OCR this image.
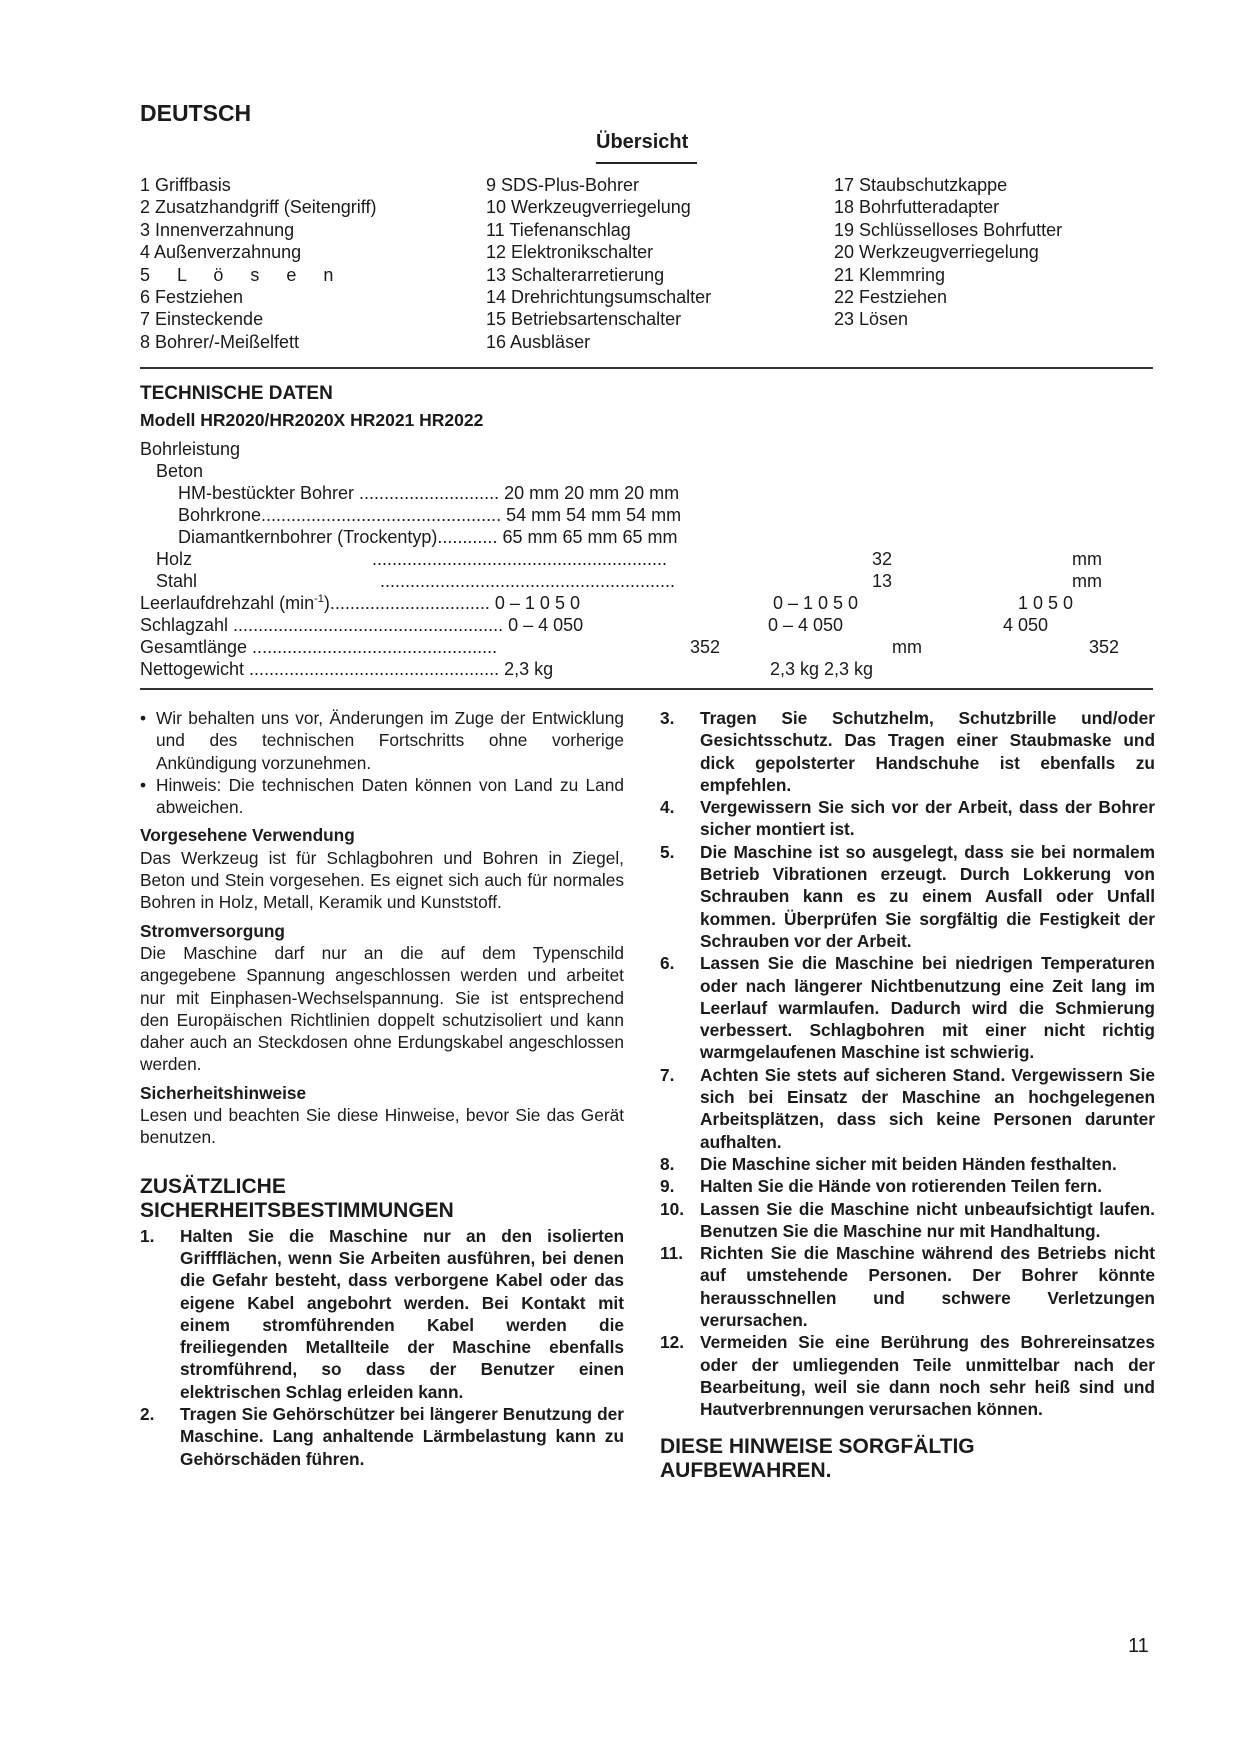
DEUTSCH
Übersicht
1 Griffbasis
2 Zusatzhandgriff (Seitengriff)
3 Innenverzahnung
4 Außenverzahnung
5 L ö s e n
6 Festziehen
7 Einsteckende
8 Bohrer/-Meißelfett
9 SDS-Plus-Bohrer
10 Werkzeugverriegelung
11 Tiefenanschlag
12 Elektronikschalter
13 Schalterarretierung
14 Drehrichtungsumschalter
15 Betriebsartenschalter
16 Ausbläser
17 Staubschutzkappe
18 Bohrfutteradapter
19 Schlüsselloses Bohrfutter
20 Werkzeugverriegelung
21 Klemmring
22 Festziehen
23 Lösen
TECHNISCHE DATEN
Modell HR2020/HR2020X HR2021 HR2022
Bohrleistung
Beton
HM-bestückter Bohrer ............................ 20 mm 20 mm 20 mm
Bohrkrone................................................ 54 mm 54 mm 54 mm
Diamantkernbohrer (Trockentyp)............ 65 mm 65 mm 65 mm
Holz	...........................................................	32	mm
Stahl	...........................................................	13	mm
Leerlaufdrehzahl $(\min^{-1})$................................ 0 – 1 0 5 0	0 – 1 0 5 0	1 0 5 0
Schlagzahl ...................................................... 0 – 4 050	0 – 4 050	4 050
Gesamtlänge .................................................	352	mm	352
Nettogewicht .................................................. 2,3 kg	2,3 kg 2,3 kg

• Wir behalten uns vor, Änderungen im Zuge der Entwicklung und des technischen Fortschritts ohne vorherige Ankündigung vorzunehmen.

• Hinweis: Die technischen Daten können von Land zu Land abweichen.

Vorgesehene Verwendung

Das Werkzeug ist für Schlagbohren und Bohren in Ziegel, Beton und Stein vorgesehen. Es eignet sich auch für normales Bohren in Holz, Metall, Keramik und Kunststoff.

Stromversorgung

Die Maschine darf nur an die auf dem Typenschild angegebene Spannung angeschlossen werden und arbeitet nur mit Einphasen-Wechselspannung. Sie ist entsprechend den Europäischen Richtlinien doppelt schutzisoliert und kann daher auch an Steckdosen ohne Erdungskabel angeschlossen werden.

Sicherheitshinweise

Lesen und beachten Sie diese Hinweise, bevor Sie das Gerät benutzen.

ZUSÄTZLICHE

SICHERHEITSBESTIMMUNGEN

1. Halten Sie die Maschine nur an den isolierten Griffflächen, wenn Sie Arbeiten ausführen, bei denen die Gefahr besteht, dass verborgene Kabel oder das eigene Kabel angebohrt werden. Bei Kontakt mit einem stromführenden Kabel werden die freiliegenden Metallteile der Maschine ebenfalls stromführend, so dass der Benutzer einen elektrischen Schlag erleiden kann.

2. Tragen Sie Gehörschützer bei längerer Benutzung der Maschine. Lang anhaltende Lärmbelastung kann zu Gehörschäden führen.

3. Tragen Sie Schutzhelm, Schutzbrille und/oder Gesichtsschutz. Das Tragen einer Staubmaske und dick gepolsterter Handschuhe ist ebenfalls zu empfehlen.

4. Vergewissern Sie sich vor der Arbeit, dass der Bohrer sicher montiert ist.

5. Die Maschine ist so ausgelegt, dass sie bei normalem Betrieb Vibrationen erzeugt. Durch Lokkerung von Schrauben kann es zu einem Ausfall oder Unfall kommen. Überprüfen Sie sorgfältig die Festigkeit der Schrauben vor der Arbeit.

6. Lassen Sie die Maschine bei niedrigen Temperaturen oder nach längerer Nichtbenutzung eine Zeit lang im Leerlauf warmlaufen. Dadurch wird die Schmierung verbessert. Schlagbohren mit einer nicht richtig warmgelaufenen Maschine ist schwierig.

7. Achten Sie stets auf sicheren Stand. Vergewissern Sie sich bei Einsatz der Maschine an hochgelegenen Arbeitsplätzen, dass sich keine Personen darunter aufhalten.

8. Die Maschine sicher mit beiden Händen festhalten.

9. Halten Sie die Hände von rotierenden Teilen fern.

10. Lassen Sie die Maschine nicht unbeaufsichtigt laufen. Benutzen Sie die Maschine nur mit Handhaltung.

11. Richten Sie die Maschine während des Betriebs nicht auf umstehende Personen. Der Bohrer könnte herausschnellen und schwere Verletzungen verursachen.

12. Vermeiden Sie eine Berührung des Bohrereinsatzes oder der umliegenden Teile unmittelbar nach der Bearbeitung, weil sie dann noch sehr heiß sind und Hautverbrennungen verursachen können.

DIESE HINWEISE SORGFÄLTIG

AUFBEWAHREN.

11
